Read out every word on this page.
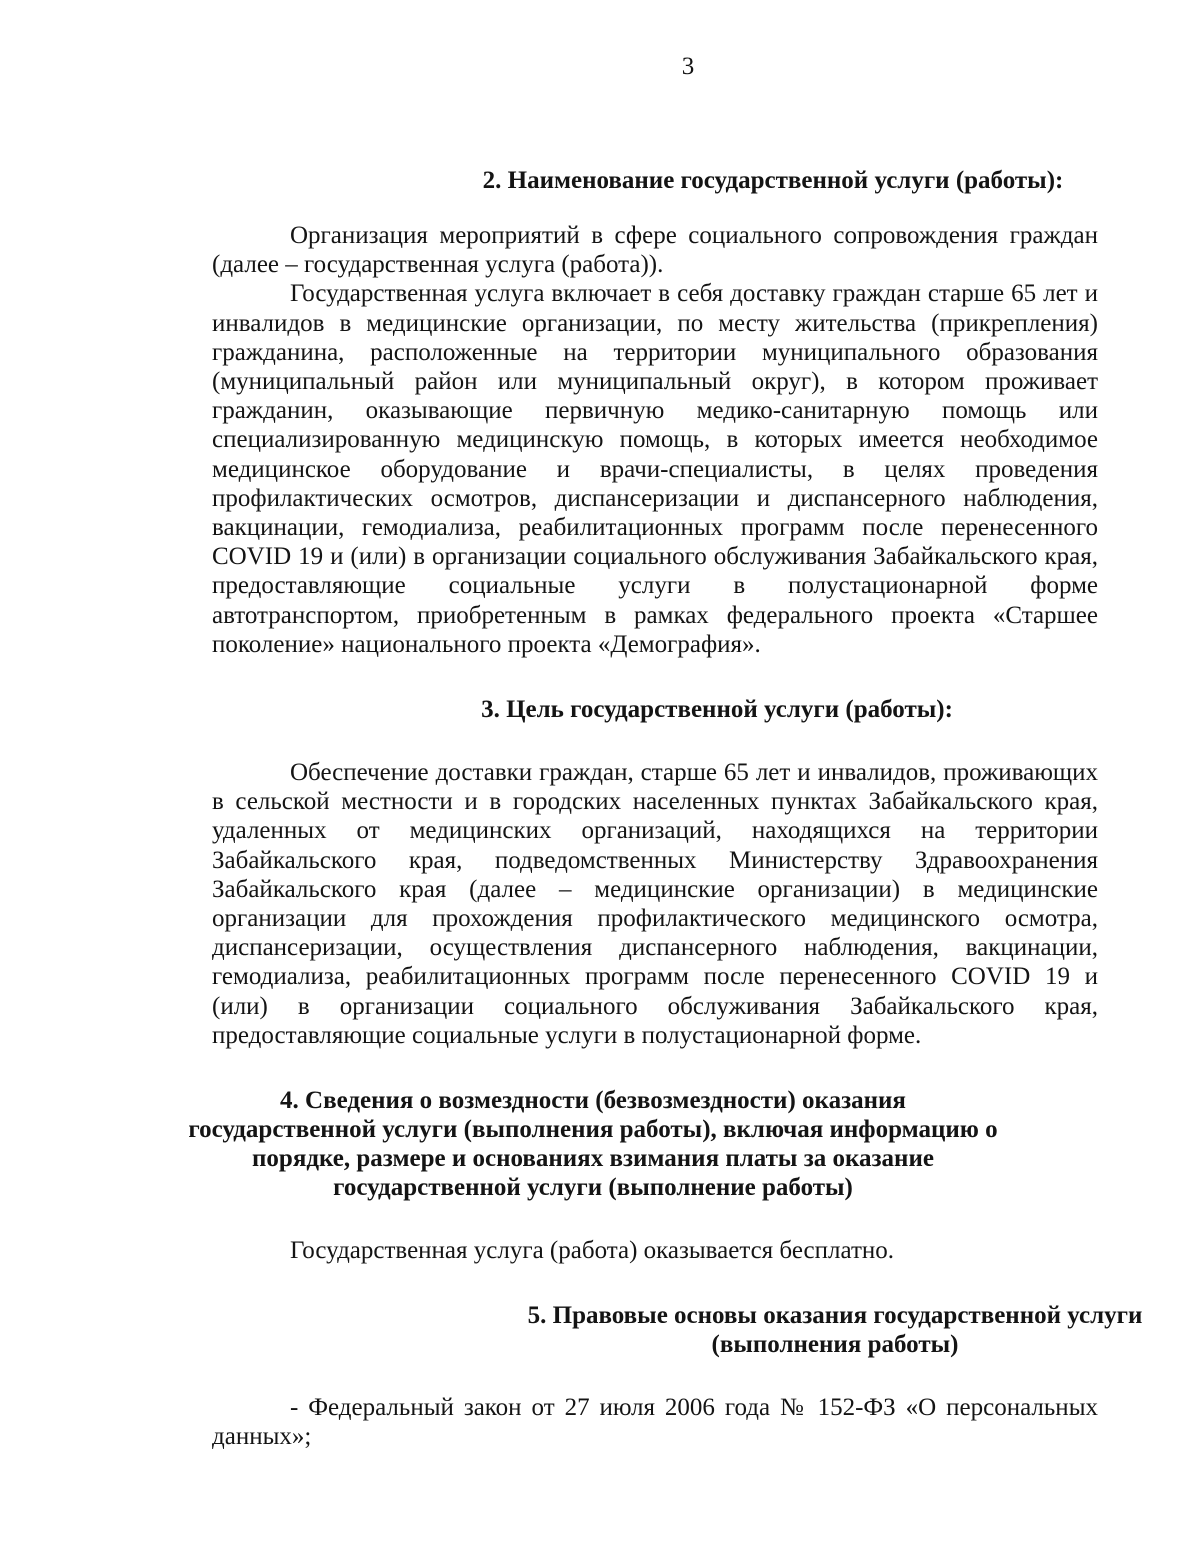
3
2. Наименование государственной услуги (работы):

Организация мероприятий в сфере социального сопровождения граждан (далее – государственная услуга (работа)).

Государственная услуга включает в себя доставку граждан старше 65 лет и инвалидов в медицинские организации, по месту жительства (прикрепления) гражданина, расположенные на территории муниципального образования (муниципальный район или муниципальный округ), в котором проживает гражданин, оказывающие первичную медико-санитарную помощь или специализированную медицинскую помощь, в которых имеется необходимое медицинское оборудование и врачи-специалисты, в целях проведения профилактических осмотров, диспансеризации и диспансерного наблюдения, вакцинации, гемодиализа, реабилитационных программ после перенесенного COVID 19 и (или) в организации социального обслуживания Забайкальского края, предоставляющие социальные услуги в полустационарной форме автотранспортом, приобретенным в рамках федерального проекта «Старшее поколение» национального проекта «Демография».

3. Цель государственной услуги (работы):

Обеспечение доставки граждан, старше 65 лет и инвалидов, проживающих в сельской местности и в городских населенных пунктах Забайкальского края, удаленных от медицинских организаций, находящихся на территории Забайкальского края, подведомственных Министерству Здравоохранения Забайкальского края (далее – медицинские организации) в медицинские организации для прохождения профилактического медицинского осмотра, диспансеризации, осуществления диспансерного наблюдения, вакцинации, гемодиализа, реабилитационных программ после перенесенного COVID 19 и (или) в организации социального обслуживания Забайкальского края, предоставляющие социальные услуги в полустационарной форме.

4. Сведения о возмездности (безвозмездности) оказания
государственной услуги (выполнения работы), включая информацию о
порядке, размере и основаниях взимания платы за оказание
государственной услуги (выполнение работы)

Государственная услуга (работа) оказывается бесплатно.

5. Правовые основы оказания государственной услуги
(выполнения работы)

- Федеральный закон от 27 июля 2006 года № 152-ФЗ «О персональных данных»;
